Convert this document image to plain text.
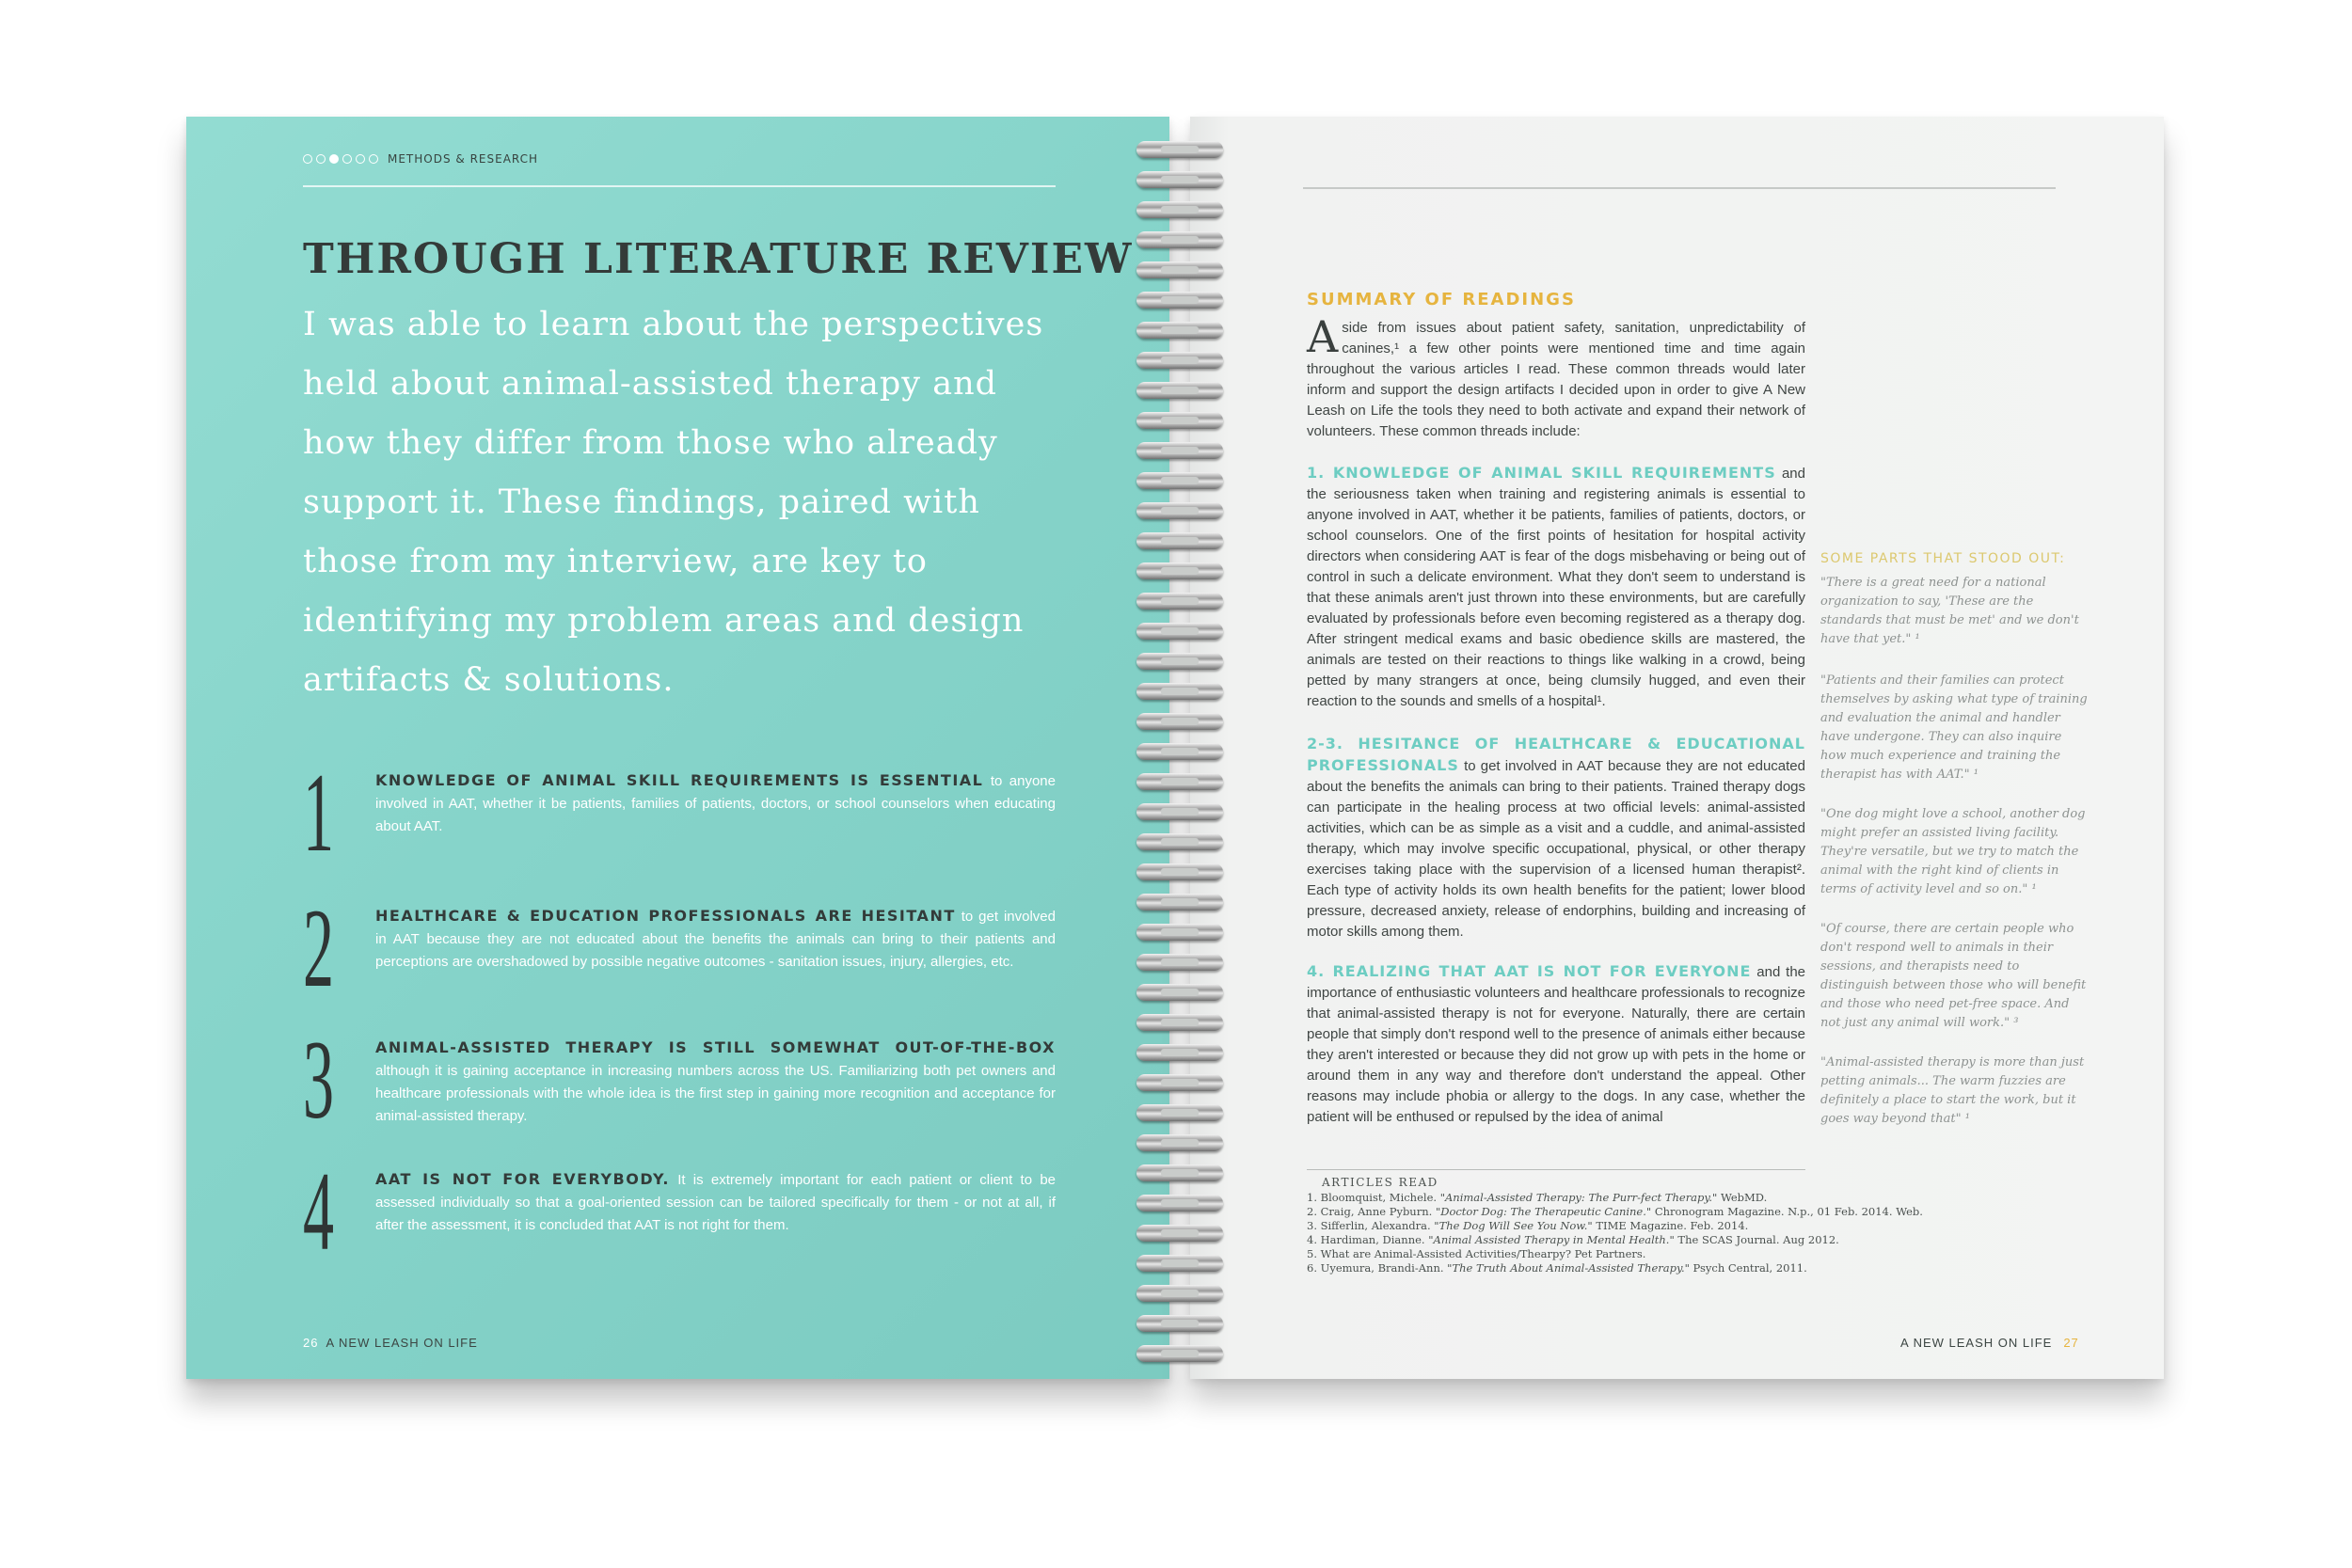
METHODS & RESEARCH
THROUGH LITERATURE REVIEW

I was able to learn about the perspectives held about animal-assisted therapy and how they differ from those who already support it. These findings, paired with those from my interview, are key to identifying my problem areas and design artifacts & solutions.

1	KNOWLEDGE OF ANIMAL SKILL REQUIREMENTS IS ESSENTIAL to anyone involved in AAT, whether it be patients, families of patients, doctors, or school counselors when educating about AAT.
2	HEALTHCARE & EDUCATION PROFESSIONALS ARE HESITANT to get involved in AAT because they are not educated about the benefits the animals can bring to their patients and perceptions are overshadowed by possible negative outcomes - sanitation issues, injury, allergies, etc.
3	ANIMAL-ASSISTED THERAPY IS STILL SOMEWHAT OUT-OF-THE-BOX although it is gaining acceptance in increasing numbers across the US. Familiarizing both pet owners and healthcare professionals with the whole idea is the first step in gaining more recognition and acceptance for animal-assisted therapy.
4	AAT IS NOT FOR EVERYBODY. It is extremely important for each patient or client to be assessed individually so that a goal-oriented session can be tailored specifically for them - or not at all, if after the assessment, it is concluded that AAT is not right for them.
26 A NEW LEASH ON LIFE
SUMMARY OF READINGS

Aside from issues about patient safety, sanitation, unpredictability of canines,¹ a few other points were mentioned time and time again throughout the various articles I read. These common threads would later inform and support the design artifacts I decided upon in order to give A New Leash on Life the tools they need to both activate and expand their network of volunteers. These common threads include:

1. KNOWLEDGE OF ANIMAL SKILL REQUIREMENTS and the seriousness taken when training and registering animals is essential to anyone involved in AAT, whether it be patients, families of patients, doctors, or school counselors. One of the first points of hesitation for hospital activity directors when considering AAT is fear of the dogs misbehaving or being out of control in such a delicate environment. What they don't seem to understand is that these animals aren't just thrown into these environments, but are carefully evaluated by professionals before even becoming registered as a therapy dog. After stringent medical exams and basic obedience skills are mastered, the animals are tested on their reactions to things like walking in a crowd, being petted by many strangers at once, being clumsily hugged, and even their reaction to the sounds and smells of a hospital¹.

2-3. HESITANCE OF HEALTHCARE & EDUCATIONAL PROFESSIONALS to get involved in AAT because they are not educated about the benefits the animals can bring to their patients. Trained therapy dogs can participate in the healing process at two official levels: animal-assisted activities, which can be as simple as a visit and a cuddle, and animal-assisted therapy, which may involve specific occupational, physical, or other therapy exercises taking place with the supervision of a licensed human therapist². Each type of activity holds its own health benefits for the patient; lower blood pressure, decreased anxiety, release of endorphins, building and increasing of motor skills among them.

4. REALIZING THAT AAT IS NOT FOR EVERYONE and the importance of enthusiastic volunteers and healthcare professionals to recognize that animal-assisted therapy is not for everyone. Naturally, there are certain people that simply don't respond well to the presence of animals either because they aren't interested or because they did not grow up with pets in the home or around them in any way and therefore don't understand the appeal. Other reasons may include phobia or allergy to the dogs. In any case, whether the patient will be enthused or repulsed by the idea of animal

SOME PARTS THAT STOOD OUT:

"There is a great need for a national organization to say, 'These are the standards that must be met' and we don't have that yet." ¹

"Patients and their families can protect themselves by asking what type of training and evaluation the animal and handler have undergone. They can also inquire how much experience and training the therapist has with AAT." ¹

"One dog might love a school, another dog might prefer an assisted living facility. They're versatile, but we try to match the animal with the right kind of clients in terms of activity level and so on." ¹

"Of course, there are certain people who don't respond well to animals in their sessions, and therapists need to distinguish between those who will benefit and those who need pet-free space. And not just any animal will work." ³

"Animal-assisted therapy is more than just petting animals... The warm fuzzies are definitely a place to start the work, but it goes way beyond that" ¹

ARTICLES READ
1. Bloomquist, Michele. "Animal-Assisted Therapy: The Purr-fect Therapy." WebMD.
2. Craig, Anne Pyburn. "Doctor Dog: The Therapeutic Canine." Chronogram Magazine. N.p., 01 Feb. 2014. Web.
3. Sifferlin, Alexandra. "The Dog Will See You Now." TIME Magazine. Feb. 2014.
4. Hardiman, Dianne. "Animal Assisted Therapy in Mental Health." The SCAS Journal. Aug 2012.
5. What are Animal-Assisted Activities/Thearpy? Pet Partners.
6. Uyemura, Brandi-Ann. "The Truth About Animal-Assisted Therapy." Psych Central, 2011.
A NEW LEASH ON LIFE 27
